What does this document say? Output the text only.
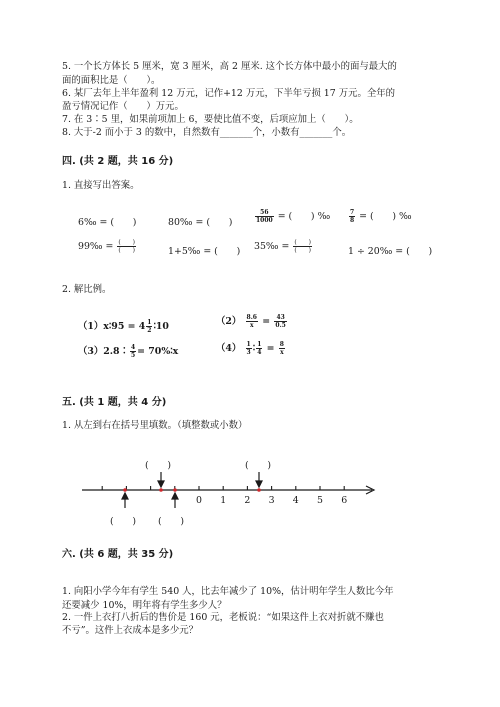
5. 一个长方体长 5 厘米，宽 3 厘米，高 2 厘米. 这个长方体中最小的面与最大的
面的面积比是（　　）。
6. 某厂去年上半年盈利 12 万元，记作+12 万元，下半年亏损 17 万元。全年的
盈亏情况记作（　　）万元。
7. 在 3∶5 里，如果前项加上 6，要使比值不变，后项应加上（　　）。
8. 大于-2 而小于 3 的数中，自然数有_______个，小数有_______个。
四. (共 2 题，共 16 分)
1. 直接写出答案。
6‰ = (　　)	80‰ = (　　)	$\frac{56}{1000}$ = (　　) ‰	$\frac{7}{8}$ = (　　) ‰
99‰ = $\frac{( )}{( )}$	1+5‰ = (　　) 35‰ = $\frac{( )}{( )}$	1 ÷ 20‰ = (　　)
2. 解比例。
（1）x∶95 = $4 \frac{1}{2}$ ∶10	$(2) \frac{8.6}{x} = \frac{43}{0.5}$
（3）2.8∶ $\frac{4}{5}$ = 70%∶x	$(4) \frac{1}{3}$ ∶ $\frac{1}{4} = \frac{8}{x}$
五. (共 1 题，共 4 分)
1. 从左到右在括号里填数。（填整数或小数）
(　　)	(　　)
(　　) (　　)
0 1 2 3 4 5 6
六. (共 6 题，共 35 分)
1. 向阳小学今年有学生 540 人，比去年减少了 10%，估计明年学生人数比今年
还要减少 10%，明年将有学生多少人？
2. 一件上衣打八折后的售价是 160 元，老板说：“如果这件上衣对折就不赚也
不亏”。这件上衣成本是多少元？
